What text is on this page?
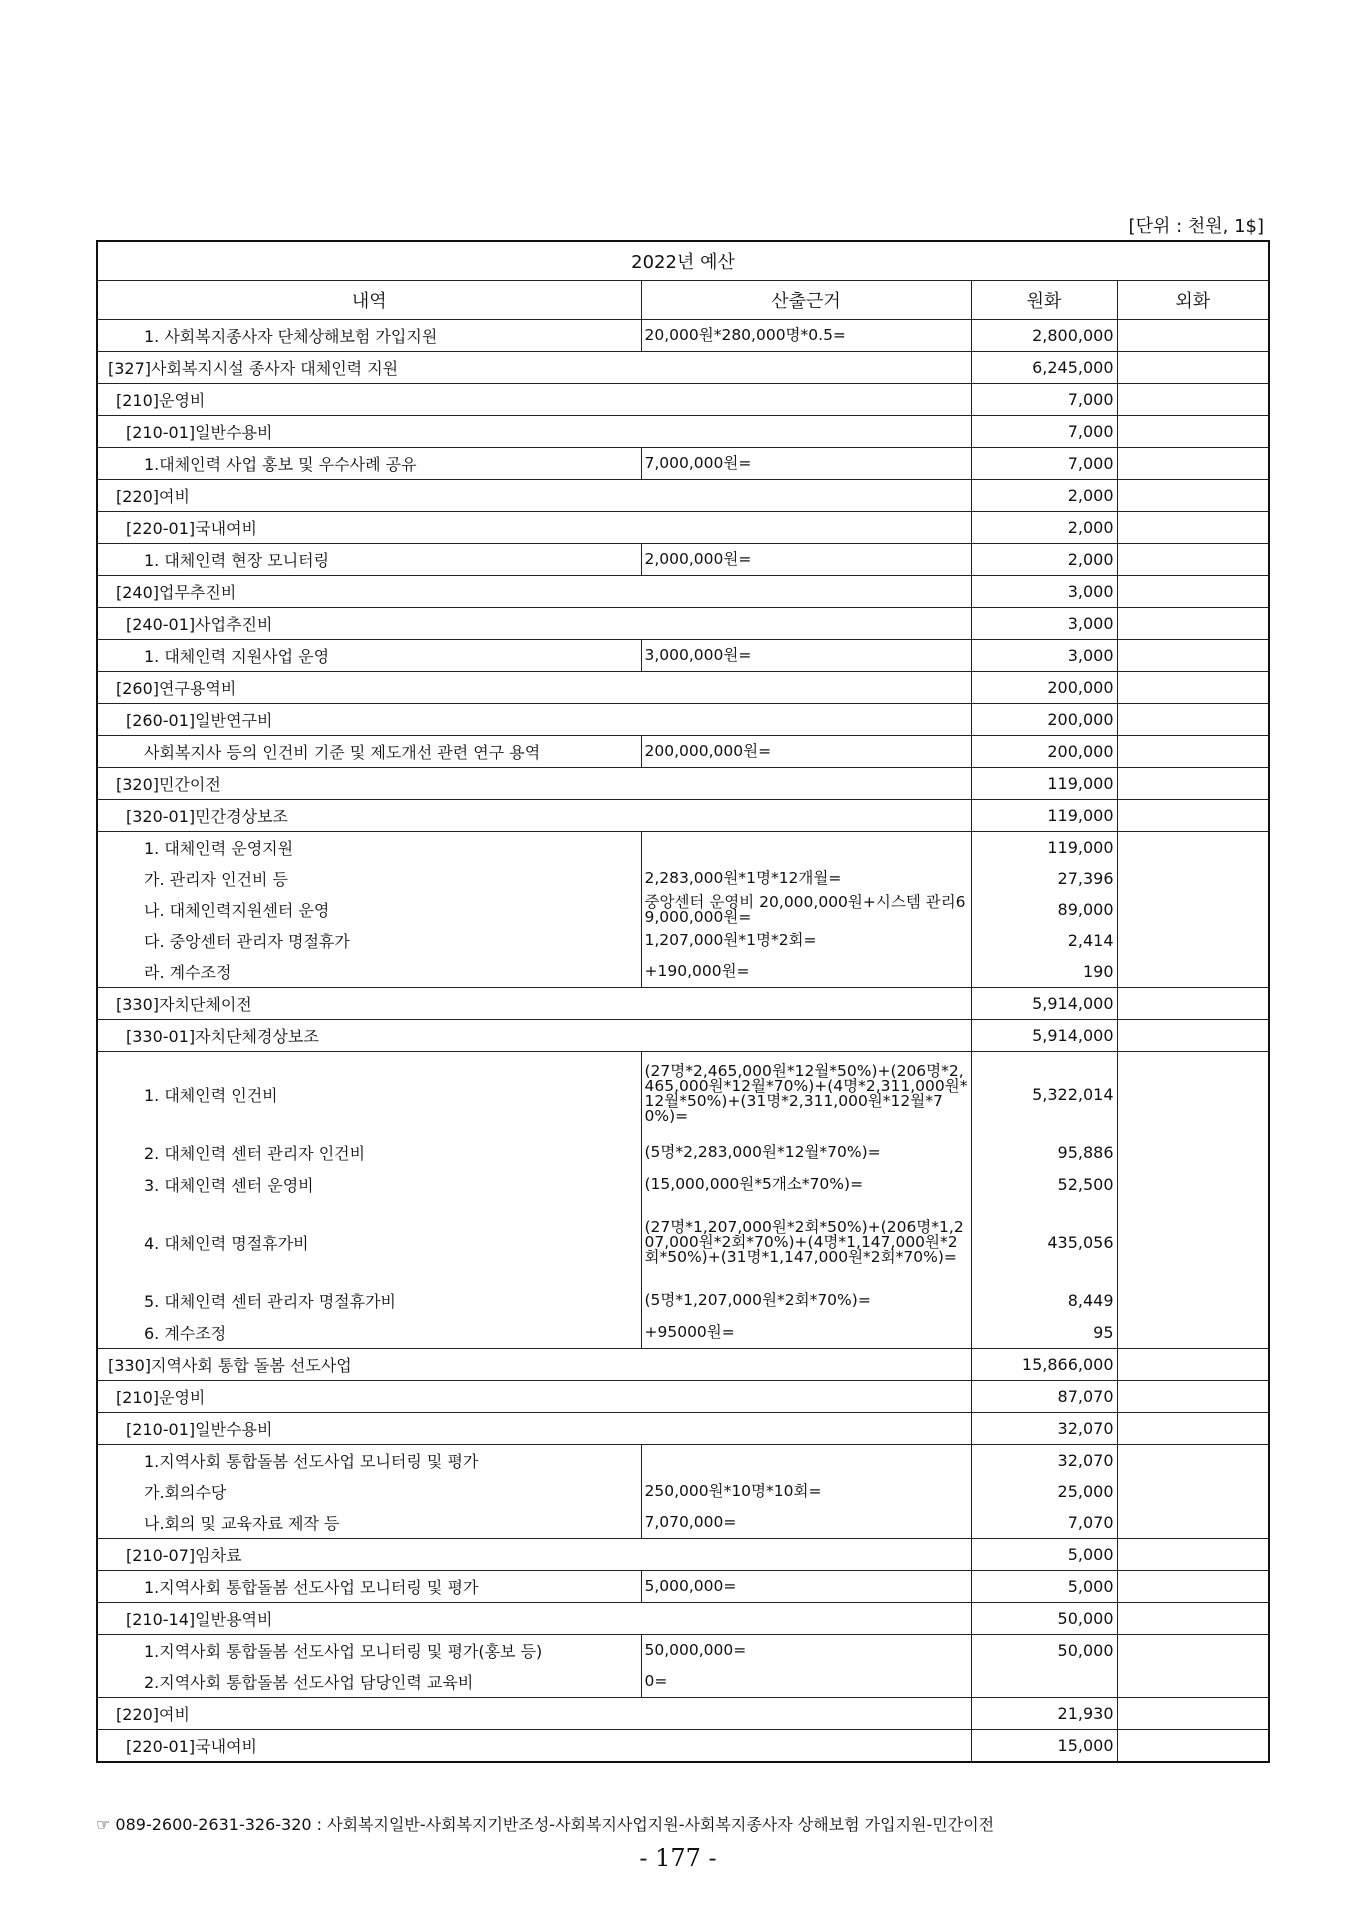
[단위 : 천원, 1$]
2022년 예산			
내역	산출근거	원화	외화
1. 사회복지종사자 단체상해보험 가입지원	20,000원*280,000명*0.5=	2,800,000	
[327]사회복지시설 종사자 대체인력 지원		6,245,000	
[210]운영비		7,000	
[210-01]일반수용비		7,000	
1.대체인력 사업 홍보 및 우수사례 공유	7,000,000원=	7,000	
[220]여비		2,000	
[220-01]국내여비		2,000	
1. 대체인력 현장 모니터링	2,000,000원=	2,000	
[240]업무추진비		3,000	
[240-01]사업추진비		3,000	
1. 대체인력 지원사업 운영	3,000,000원=	3,000	
[260]연구용역비		200,000	
[260-01]일반연구비		200,000	
사회복지사 등의 인건비 기준 및 제도개선 관련 연구 용역	200,000,000원=	200,000	
[320]민간이전		119,000	
[320-01]민간경상보조		119,000	
1. 대체인력 운영지원		119,000	
가. 관리자 인건비 등	2,283,000원*1명*12개월=	27,396	
나. 대체인력지원센터 운영	중앙센터 운영비 20,000,000원+시스템 관리69,000,000원=	89,000	
다. 중앙센터 관리자 명절휴가	1,207,000원*1명*2회=	2,414	
라. 계수조정	+190,000원=	190	
[330]자치단체이전		5,914,000	
[330-01]자치단체경상보조		5,914,000	
1. 대체인력 인건비	(27명*2,465,000원*12월*50%)+(206명*2,465,000원*12월*70%)+(4명*2,311,000원*12월*50%)+(31명*2,311,000원*12월*70%)=	5,322,014	
2. 대체인력 센터 관리자 인건비	(5명*2,283,000원*12월*70%)=	95,886	
3. 대체인력 센터 운영비	(15,000,000원*5개소*70%)=	52,500	
4. 대체인력 명절휴가비	(27명*1,207,000원*2회*50%)+(206명*1,207,000원*2회*70%)+(4명*1,147,000원*2회*50%)+(31명*1,147,000원*2회*70%)=	435,056	
5. 대체인력 센터 관리자 명절휴가비	(5명*1,207,000원*2회*70%)=	8,449	
6. 계수조정	+95000원=	95	
[330]지역사회 통합 돌봄 선도사업		15,866,000	
[210]운영비		87,070	
[210-01]일반수용비		32,070	
1.지역사회 통합돌봄 선도사업 모니터링 및 평가		32,070	
가.회의수당	250,000원*10명*10회=	25,000	
나.회의 및 교육자료 제작 등	7,070,000=	7,070	
[210-07]임차료		5,000	
1.지역사회 통합돌봄 선도사업 모니터링 및 평가	5,000,000=	5,000	
[210-14]일반용역비		50,000	
1.지역사회 통합돌봄 선도사업 모니터링 및 평가(홍보 등)	50,000,000=	50,000	
2.지역사회 통합돌봄 선도사업 담당인력 교육비	0=		
[220]여비		21,930	
[220-01]국내여비		15,000	
☞ 089-2600-2631-326-320 : 사회복지일반-사회복지기반조성-사회복지사업지원-사회복지종사자 상해보험 가입지원-민간이전
- 177 -
